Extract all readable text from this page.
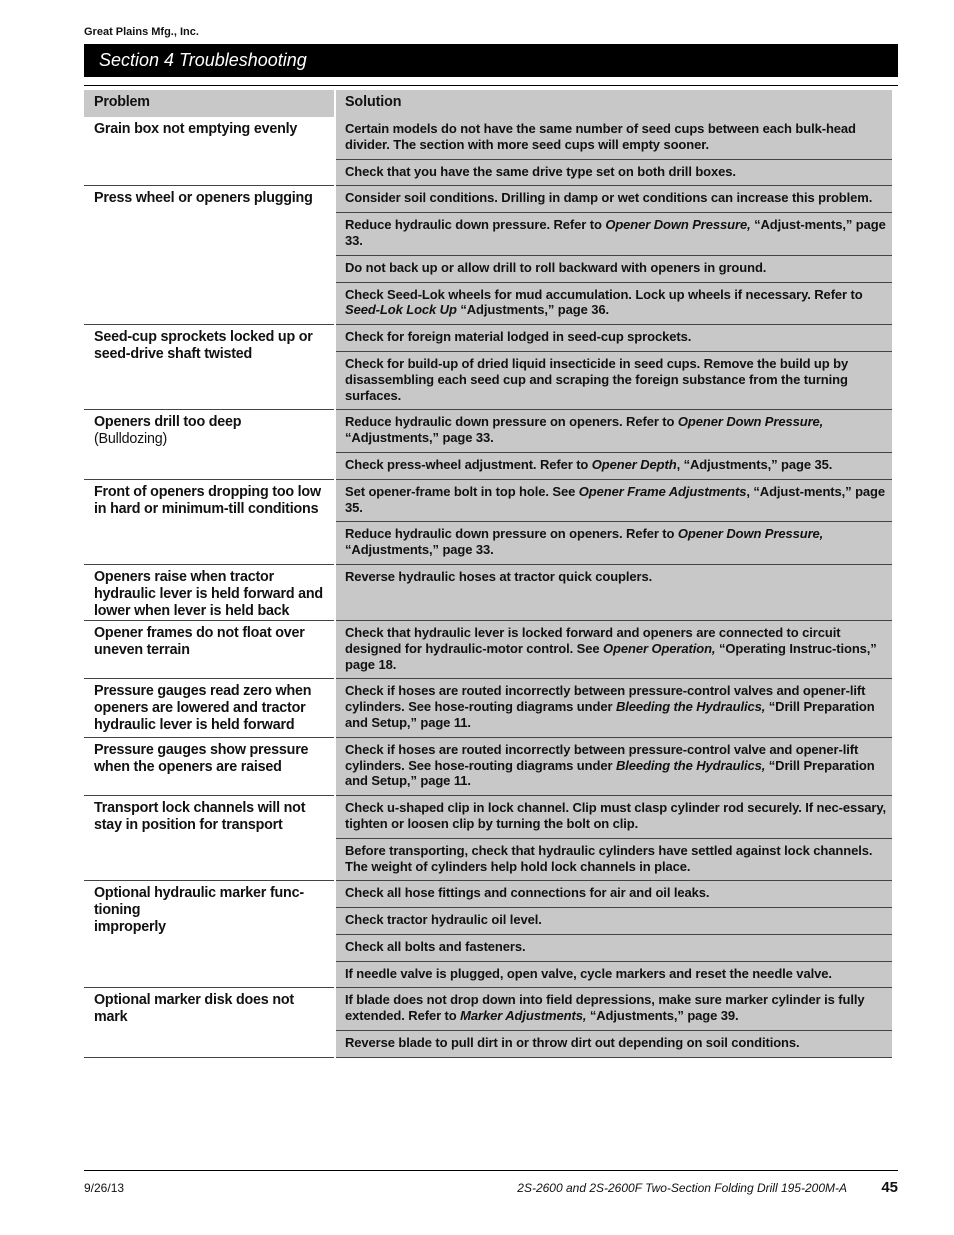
Great Plains Mfg., Inc.
Section 4 Troubleshooting
Problem	Solution
Grain box not emptying evenly	Certain models do not have the same number of seed cups between each bulk-head divider. The section with more seed cups will empty sooner.
	Check that you have the same drive type set on both drill boxes.
Press wheel or openers plugging	Consider soil conditions. Drilling in damp or wet conditions can increase this problem.
	Reduce hydraulic down pressure. Refer to Opener Down Pressure, “Adjust-ments,” page 33.
	Do not back up or allow drill to roll backward with openers in ground.
	Check Seed-Lok wheels for mud accumulation. Lock up wheels if necessary. Refer to Seed-Lok Lock Up “Adjustments,” page 36.
Seed-cup sprockets locked up or seed-drive shaft twisted	Check for foreign material lodged in seed-cup sprockets.
	Check for build-up of dried liquid insecticide in seed cups. Remove the build up by disassembling each seed cup and scraping the foreign substance from the turning surfaces.
Openers drill too deep
(Bulldozing)	Reduce hydraulic down pressure on openers. Refer to Opener Down Pressure, “Adjustments,” page 33.
	Check press-wheel adjustment. Refer to Opener Depth, “Adjustments,” page 35.
Front of openers dropping too low in hard or minimum-till conditions	Set opener-frame bolt in top hole. See Opener Frame Adjustments, “Adjust-ments,” page 35.
	Reduce hydraulic down pressure on openers. Refer to Opener Down Pressure, “Adjustments,” page 33.
Openers raise when tractor hydraulic lever is held forward and lower when lever is held back	Reverse hydraulic hoses at tractor quick couplers.
Opener frames do not float over uneven terrain	Check that hydraulic lever is locked forward and openers are connected to circuit designed for hydraulic-motor control. See Opener Operation, “Operating Instruc-tions,” page 18.
Pressure gauges read zero when openers are lowered and tractor hydraulic lever is held forward	Check if hoses are routed incorrectly between pressure-control valves and opener-lift cylinders. See hose-routing diagrams under Bleeding the Hydraulics, “Drill Preparation and Setup,” page 11.
Pressure gauges show pressure when the openers are raised	Check if hoses are routed incorrectly between pressure-control valve and opener-lift cylinders. See hose-routing diagrams under Bleeding the Hydraulics, “Drill Preparation and Setup,” page 11.
Transport lock channels will not stay in position for transport	Check u-shaped clip in lock channel. Clip must clasp cylinder rod securely. If nec-essary, tighten or loosen clip by turning the bolt on clip.
	Before transporting, check that hydraulic cylinders have settled against lock channels. The weight of cylinders help hold lock channels in place.
Optional hydraulic marker func-tioning
improperly	Check all hose fittings and connections for air and oil leaks.
	Check tractor hydraulic oil level.
	Check all bolts and fasteners.
	If needle valve is plugged, open valve, cycle markers and reset the needle valve.
Optional marker disk does not mark	If blade does not drop down into field depressions, make sure marker cylinder is fully extended. Refer to Marker Adjustments, “Adjustments,” page 39.
	Reverse blade to pull dirt in or throw dirt out depending on soil conditions.
9/26/13	2S-2600 and 2S-2600F Two-Section Folding Drill 195-200M-A 45
